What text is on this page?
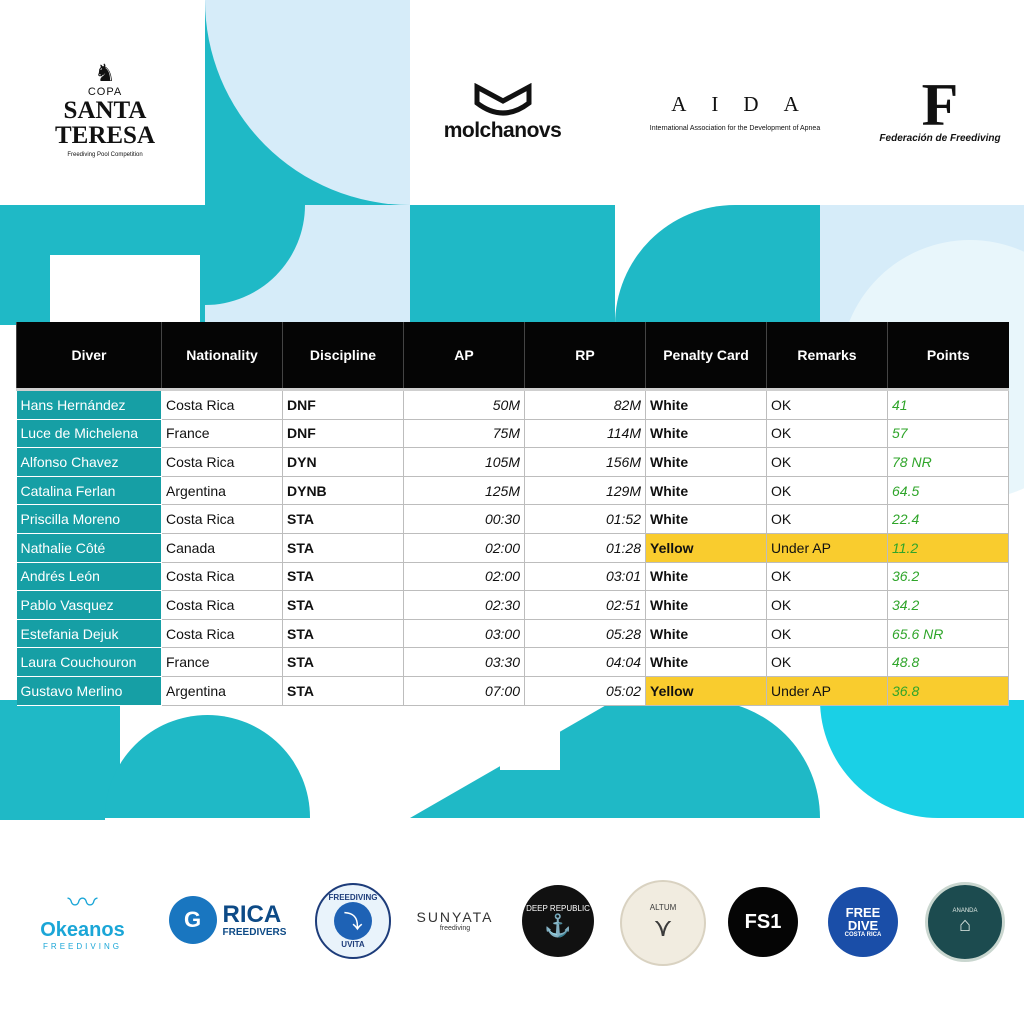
♞
COPA
SANTA
TERESA
Freediving Pool Competition
molchanovs
AIDA
International Association for the Development of Apnea F
Federación de Freediving
Diver	Nationality	Discipline	AP	RP	Penalty Card	Remarks	Points
Hans Hernández	Costa Rica	DNF	50M	82M	White	OK	41
Luce de Michelena	France	DNF	75M	114M	White	OK	57
Alfonso Chavez	Costa Rica	DYN	105M	156M	White	OK	78 NR
Catalina Ferlan	Argentina	DYNB	125M	129M	White	OK	64.5
Priscilla Moreno	Costa Rica	STA	00:30	01:52	White	OK	22.4
Nathalie Côté	Canada	STA	02:00	01:28	Yellow	Under AP	11.2
Andrés León	Costa Rica	STA	02:00	03:01	White	OK	36.2
Pablo Vasquez	Costa Rica	STA	02:30	02:51	White	OK	34.2
Estefania Dejuk	Costa Rica	STA	03:00	05:28	White	OK	65.6 NR
Laura Couchouron	France	STA	03:30	04:04	White	OK	48.8
Gustavo Merlino	Argentina	STA	07:00	05:02	Yellow	Under AP	36.8
〰
Okeanos
FREEDIVING
G RICA
FREEDIVERS
FREEDIVING
⤵
UVITA
SUNYATA
freediving
DEEP REPUBLIC
⚓
ALTUM
⋎	FS1	FREE
DIVE
COSTA RICA
ANANDA
⌂
